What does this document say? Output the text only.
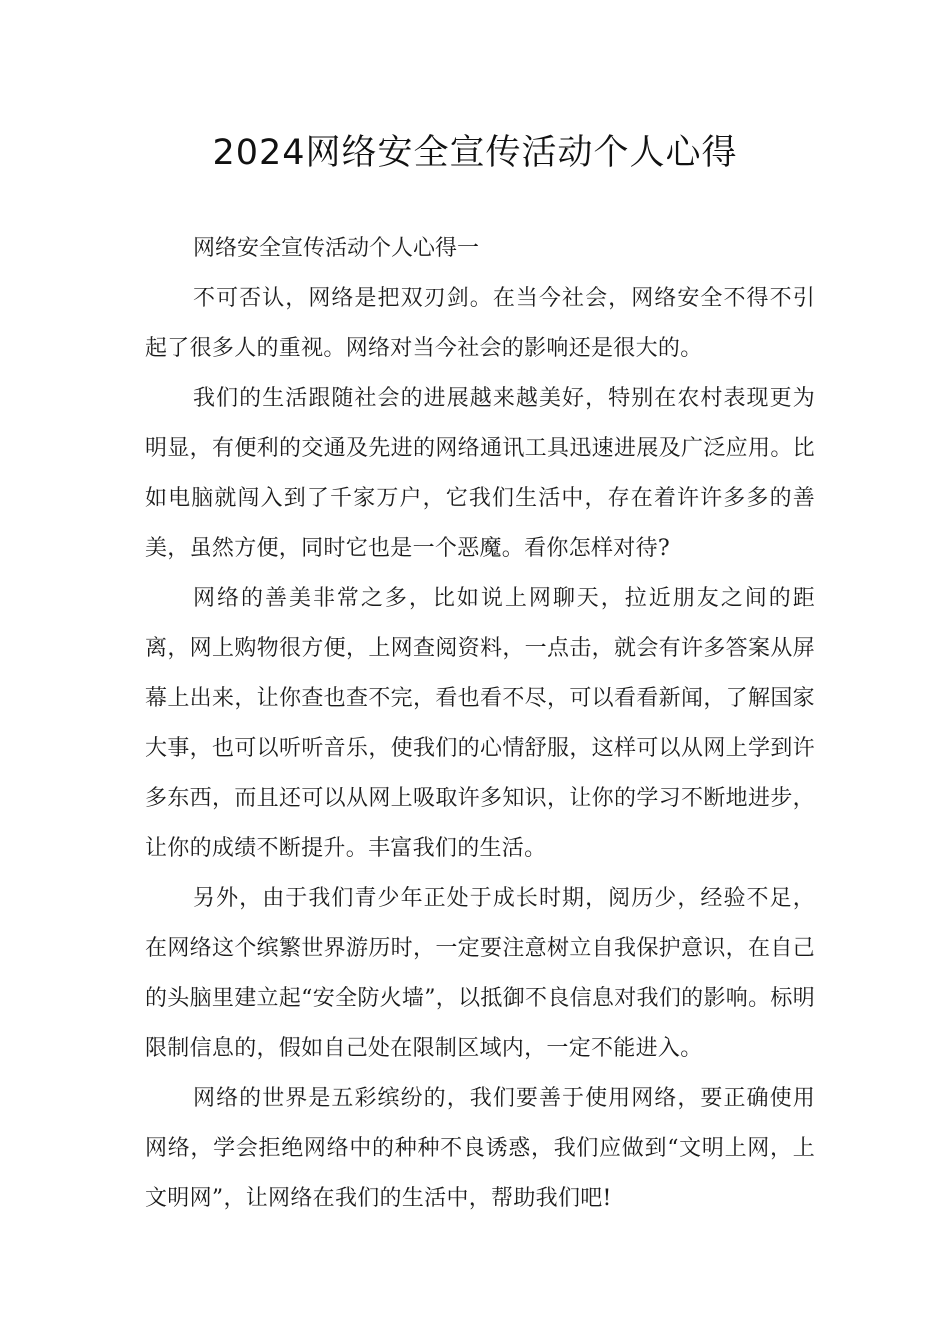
2024网络安全宣传活动个人心得

网络安全宣传活动个人心得一

不可否认，网络是把双刃剑。在当今社会，网络安全不得不引起了很多人的重视。网络对当今社会的影响还是很大的。

我们的生活跟随社会的进展越来越美好，特别在农村表现更为明显，有便利的交通及先进的网络通讯工具迅速进展及广泛应用。比如电脑就闯入到了千家万户，它我们生活中，存在着许许多多的善美，虽然方便，同时它也是一个恶魔。看你怎样对待?

网络的善美非常之多，比如说上网聊天，拉近朋友之间的距离，网上购物很方便，上网查阅资料，一点击，就会有许多答案从屏幕上出来，让你查也查不完，看也看不尽，可以看看新闻，了解国家大事，也可以听听音乐，使我们的心情舒服，这样可以从网上学到许多东西，而且还可以从网上吸取许多知识，让你的学习不断地进步，让你的成绩不断提升。丰富我们的生活。

另外，由于我们青少年正处于成长时期，阅历少，经验不足，在网络这个缤繁世界游历时，一定要注意树立自我保护意识，在自己的头脑里建立起“安全防火墙”，以抵御不良信息对我们的影响。标明限制信息的，假如自己处在限制区域内，一定不能进入。

网络的世界是五彩缤纷的，我们要善于使用网络，要正确使用网络，学会拒绝网络中的种种不良诱惑，我们应做到“文明上网，上文明网”，让网络在我们的生活中，帮助我们吧!
